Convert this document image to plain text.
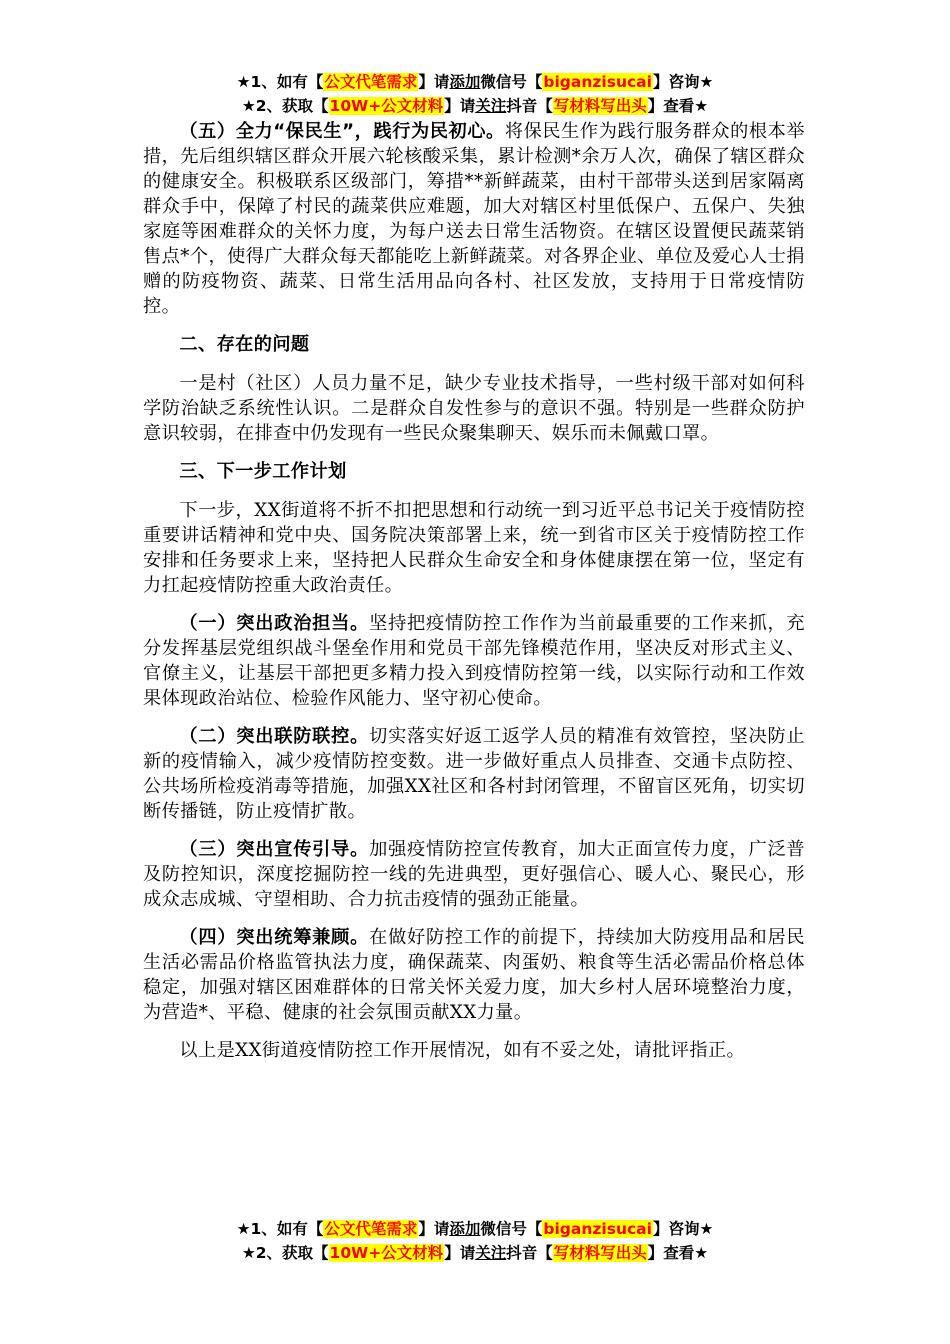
★1、如有【公文代笔需求】请添加微信号【biganzisucai】咨询★
★2、获取【10W+公文材料】请关注抖音【写材料写出头】查看★

（五）全力“保民生”，践行为民初心。将保民生作为践行服务群众的根本举措，先后组织辖区群众开展六轮核酸采集，累计检测*余万人次，确保了辖区群众的健康安全。积极联系区级部门，筹措**新鲜蔬菜，由村干部带头送到居家隔离群众手中，保障了村民的蔬菜供应难题，加大对辖区村里低保户、五保户、失独家庭等困难群众的关怀力度，为每户送去日常生活物资。在辖区设置便民蔬菜销售点*个，使得广大群众每天都能吃上新鲜蔬菜。对各界企业、单位及爱心人士捐赠的防疫物资、蔬菜、日常生活用品向各村、社区发放，支持用于日常疫情防控。

二、存在的问题

一是村（社区）人员力量不足，缺少专业技术指导，一些村级干部对如何科学防治缺乏系统性认识。二是群众自发性参与的意识不强。特别是一些群众防护意识较弱，在排查中仍发现有一些民众聚集聊天、娱乐而未佩戴口罩。

三、下一步工作计划

下一步，XX街道将不折不扣把思想和行动统一到习近平总书记关于疫情防控重要讲话精神和党中央、国务院决策部署上来，统一到省市区关于疫情防控工作安排和任务要求上来，坚持把人民群众生命安全和身体健康摆在第一位，坚定有力扛起疫情防控重大政治责任。

（一）突出政治担当。坚持把疫情防控工作作为当前最重要的工作来抓，充分发挥基层党组织战斗堡垒作用和党员干部先锋模范作用，坚决反对形式主义、官僚主义，让基层干部把更多精力投入到疫情防控第一线，以实际行动和工作效果体现政治站位、检验作风能力、坚守初心使命。

（二）突出联防联控。切实落实好返工返学人员的精准有效管控，坚决防止新的疫情输入，减少疫情防控变数。进一步做好重点人员排查、交通卡点防控、公共场所检疫消毒等措施，加强XX社区和各村封闭管理，不留盲区死角，切实切断传播链，防止疫情扩散。

（三）突出宣传引导。加强疫情防控宣传教育，加大正面宣传力度，广泛普及防控知识，深度挖掘防控一线的先进典型，更好强信心、暖人心、聚民心，形成众志成城、守望相助、合力抗击疫情的强劲正能量。

（四）突出统筹兼顾。在做好防控工作的前提下，持续加大防疫用品和居民生活必需品价格监管执法力度，确保蔬菜、肉蛋奶、粮食等生活必需品价格总体稳定，加强对辖区困难群体的日常关怀关爱力度，加大乡村人居环境整治力度，为营造*、平稳、健康的社会氛围贡献XX力量。

以上是XX街道疫情防控工作开展情况，如有不妥之处，请批评指正。

★1、如有【公文代笔需求】请添加微信号【biganzisucai】咨询★
★2、获取【10W+公文材料】请关注抖音【写材料写出头】查看★
